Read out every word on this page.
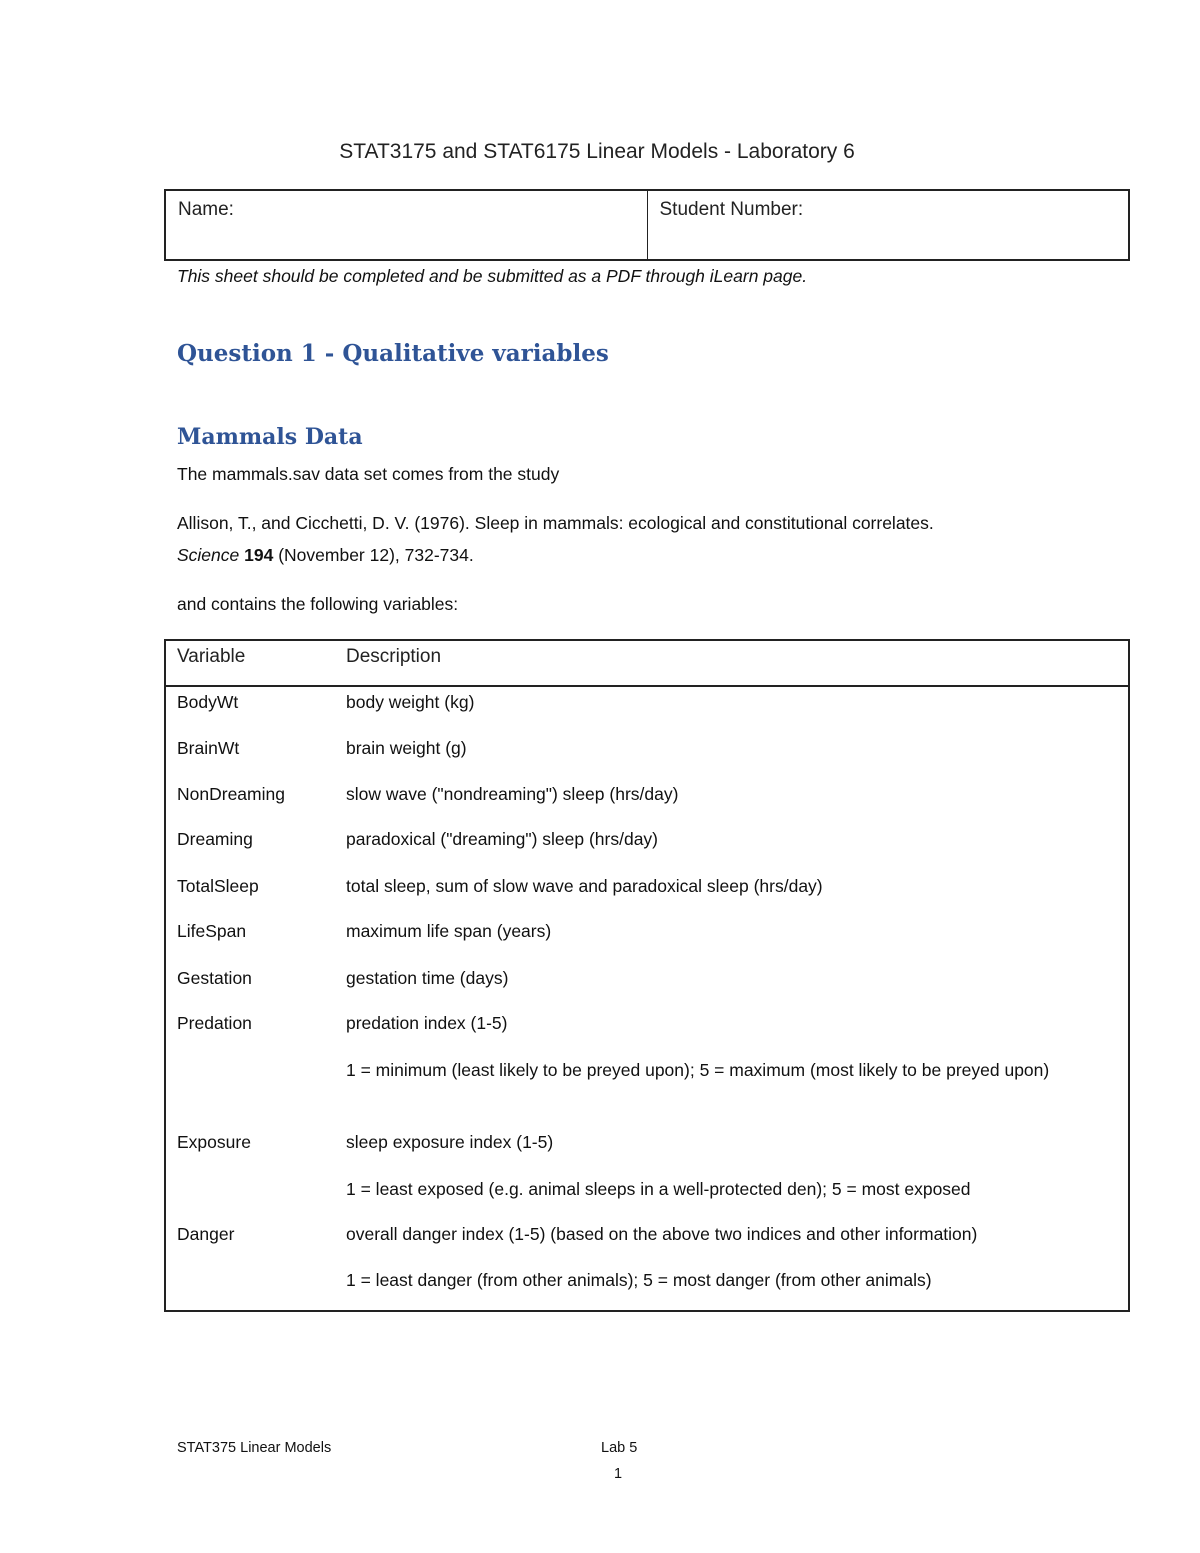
STAT3175 and STAT6175 Linear Models - Laboratory 6
Name:	Student Number:
This sheet should be completed and be submitted as a PDF through iLearn page.
Question 1 - Qualitative variables
Mammals Data
The mammals.sav data set comes from the study
Allison, T., and Cicchetti, D. V. (1976). Sleep in mammals: ecological and constitutional correlates.
Science 194 (November 12), 732-734.
and contains the following variables:
Variable	Description
BodyWt	body weight (kg)
BrainWt	brain weight (g)
NonDreaming	slow wave ("nondreaming") sleep (hrs/day)
Dreaming	paradoxical ("dreaming") sleep (hrs/day)
TotalSleep	total sleep, sum of slow wave and paradoxical sleep (hrs/day)
LifeSpan	maximum life span (years)
Gestation	gestation time (days)
Predation	predation index (1-5)
1 = minimum (least likely to be preyed upon); 5 = maximum (most likely to be preyed upon)
Exposure	sleep exposure index (1-5)
1 = least exposed (e.g. animal sleeps in a well-protected den); 5 = most exposed
Danger	overall danger index (1-5) (based on the above two indices and other information)
1 = least danger (from other animals); 5 = most danger (from other animals)
STAT375 Linear Models	Lab 5
1
